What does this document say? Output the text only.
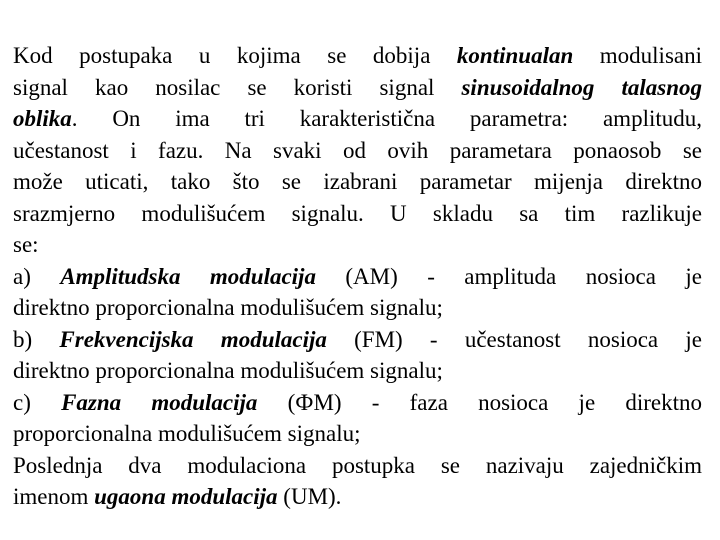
Kod postupaka u kojima se dobija kontinualan modulisani
signal kao nosilac se koristi signal sinusoidalnog talasnog
oblika. On ima tri karakteristična parametra: amplitudu,
učestanost i fazu. Na svaki od ovih parametara ponaosob se
može uticati, tako što se izabrani parametar mijenja direktno
srazmjerno modulišućem signalu. U skladu sa tim razlikuje
se:
a) Amplitudska modulacija (AM) - amplituda nosioca je
direktno proporcionalna modulišućem signalu;
b) Frekvencijska modulacija (FM) - učestanost nosioca je
direktno proporcionalna modulišućem signalu;
c) Fazna modulacija (ФМ) - faza nosioca je direktno
proporcionalna modulišućem signalu;
Poslednja dva modulaciona postupka se nazivaju zajedničkim
imenom ugaona modulacija (UM).
